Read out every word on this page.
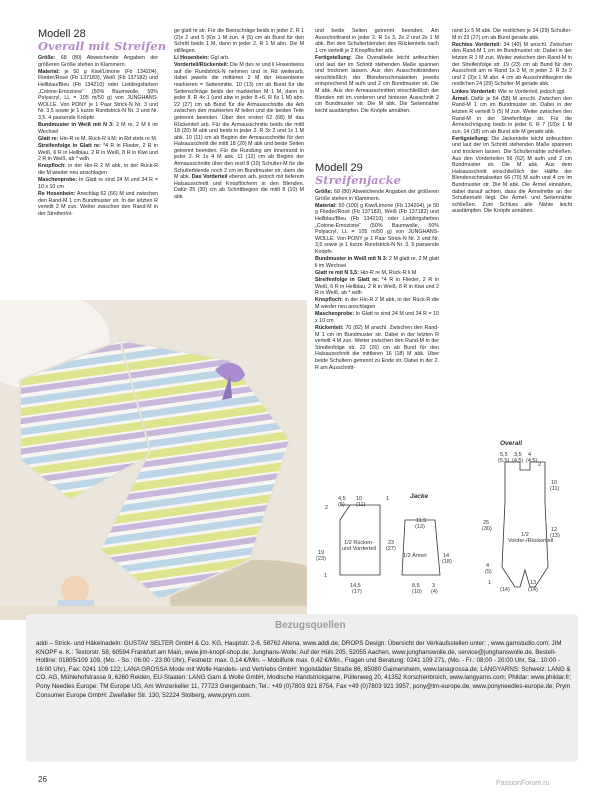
Modell 28
Overall mit Streifen

Größe: 68 (80) Abweichende Angaben der größeren Größe stehen in Klammern.

Material: je 50 g Kiwi/Limone (Fb 134204), Flieder/Rosé (Fb 137183), Weiß (Fb 137182) und Hellblau/Bleu (Fb 134210) oder Lieblingsfarben „Cotone-Emozione“ (50% Baumwolle, 50% Polyacryl, LL = 105 m/50 g) von JUNGHANS-WOLLE. Von PONY je 1 Paar Strick-N Nr. 3 und Nr. 3,5 sowie je 1 kurze Rundstrick-N Nr. 3 und Nr. 3,5. 4 passende Knöpfe.

Bundmuster in Weiß mit N 3: 2 M re, 2 M li im Wechsel

Glatt re: Hin-R re M, Rück-R li M; in Rd stets re M.

Streifenfolge in Glatt re: *4 R in Flieder, 2 R in Weiß, 6 R in Hellblau, 2 R in Weiß, 8 R in Kiwi und 2 R in Weiß, ab * wdh

Knopfloch: in der Hin-R 2 M abk, in der Rück-R die M wieder neu anschlagen

Maschenprobe: In Glatt re sind 24 M und 34 R = 10 x 10 cm

Re Hosenbein: Anschlag 62 (66) M und zwischen den Rand-M 1 cm Bundmuster str. In der letzten R verteilt 2 M zun. Weiter zwischen den Rand-M in der Streifenfol-

ge glatt re str. Für die Beinschräge beids in jeder 2. R 1 (2)x 2 und 5 (6)x 1 M zun. 4 (5) cm ab Bund für den Schritt beids 1 M, dann in jeder 2. R 1 M abn. Die M stilllegen.

Li Hosenbein: Ggl arb.

Vorderteil/Rückenteil: Die M des re und li Hosenbeins auf die Rundstrick-N nehmen und in Rd weiterarb, dabei jeweils die mittleren 2 M der Hosenbeine markieren = Seitenmitte. 10 (13) cm ab Bund für die Seitenschräge beids der markierten M 1 M, dann in jeder 8. R 4x 1 (und abw in jeder 8.+6. R 6x 1 M) abn. 22 (27) cm ab Bund für die Armausschnitte die Arb zwischen den markierten M teilen und die beiden Teile getrennt beenden. Über den ersten 62 (68) M das Rückenteil arb. Für die Armausschnitte beids die mittl 18 (20) M abk und beids in jeder 2. R 3x 2 und 1x 1 M abk. 10 (11) cm ab Beginn der Armausschnitte für den Halsausschnitt die mittl 18 (20) M abk und beide Seiten getrennt beenden. Für die Rundung am Innenrand in jeder 2. R 1x 4 M abk. 11 (12) cm ab Beginn der Armausschnitte über den restl 8 (10) Schulter-M für die Schulterblende noch 2 cm im Bundmuster str, dann die M abk. Das Vorderteil ebenso arb, jedoch mit tieferem Halsausschnitt und Knopflöchern in den Blenden. Dafür 25 (30) cm ab Schrittbeginn die mittl 8 (10) M abk

und beide Seiten getrennt beenden. Am Ausschnittrand in jeder 2. R 1x 3, 2x 2 und 2x 1 M abk. Bei den Schulterblenden des Rückenteils nach 1 cm verteilt je 2 Knopflöcher arb.

Fertigstellung: Die Overallteile leicht anfeuchten und laut der im Schnitt stehenden Maße spannen und trocknen lassen. Aus den Ausschnitträndern einschließlich der Blendenschmalseiten jeweils entsprechend M aufn und 2 cm Bundmuster str. Die M abk. Aus den Armausschnitten einschließlich der Blenden mit im vorderen und hinteren Ausschnitt 2 cm Bundmuster str. Die M abk. Die Seitennähte leicht ausdämpfen. Die Knöpfe annähen.

Modell 29
Streifenjacke

Größe: 68 (80) Abweichende Angaben der größeren Größe stehen in Klammern.

Material: 50 (100) g Kiwi/Limone (Fb 134204), je 50 g Flieder/Rosé (Fb 137183), Weiß (Fb 137182) und Hellblau/Bleu (Fb 134210) oder Lieblingsfarben „Cotone-Emozione“ (50% Baumwolle, 50% Polyacryl, LL = 105 m/50 g) von JUNGHANS-WOLLE. Von PONY je 1 Paar Strick-N Nr. 3 und Nr. 3,5 sowie je 1 kurze Rundstrick-N Nr. 3. 5 passende Knöpfe.

Bundmuster in Weiß mit N 3: 2 M glatt re, 2 M glatt li im Wechsel

Glatt re mit N 3,5: Hin-R re M, Rück-R li M

Streifenfolge in Glatt re: *4 R in Flieder, 2 R in Weiß, 6 R in Hellblau, 2 R in Weiß, 8 R in Kiwi und 2 R in Weiß, ab * wdh

Knopfloch: in der Hin-R 2 M abk, in der Rück-R die M wieder neu anschlagen

Maschenprobe: In Glatt re sind 24 M und 34 R = 10 x 10 cm

Rückenteil: 70 (82) M anschl. Zwischen den Rand-M 1 cm im Bundmuster str. Dabei in der letzten R verteilt 4 M zun. Weiter zwischen den Rand-M in der Streifenfolge str. 22 (26) cm ab Bund für den Halsausschnitt die mittleren 16 (18) M abk. Über beide Schultern getrennt zu Ende str. Dabei in der 2. R am Ausschnitt-

rand 1x 5 M abk. Die restlichen je 24 (29) Schulter-M in 23 (27) cm ab Bund gerade abk.

Rechtes Vorderteil: 34 (40) M anschl. Zwischen den Rand-M 1 cm im Bundmuster str. Dabei in der letzten R 1 M zun. Weiter zwischen den Rand-M in der Streifenfolge str. 19 (23) cm ab Bund für den Ausschnitt am re Rand 1x 3 M, in jeder 2. R 3x 2 und 2 (3)x 1 M abn. 4 cm ab Ausschnittbeginn die restlichen 24 (29) Schulter-M gerade abk.

Linkes Vorderteil: Wie re Vorderteil, jedoch ggl.

Ärmel: Dafür je 54 (58) M anschl. Zwischen den Rand-M 1 cm im Bundmuster str. Dabei in der letzten R verteilt 5 (5) M zun. Weiter zwischen den Rand-M in der Streifenfolge str. Für die Ärmelschrägung beids in jeder 6. R 7 (10)x 1 M zun. 14 (18) cm ab Bund alle M gerade abk.

Fertigstellung: Die Jackenteile leicht anfeuchten und laut der im Schnitt stehenden Maße spannen und trocknen lassen. Die Schulternähte schließen. Aus den Vorderteilen 56 (62) M aufn und 2 cm Bundmuster str. Die M abk. Aus dem Halsausschnitt einschließlich der Hälfte der Blendenschmalseiten 66 (70) M aufn und 4 cm im Bundmuster str. Die M abk. Die Ärmel einnähen, dabei darauf achten, dass die Ärmelmitte an der Schulternaht liegt. Die Ärmel- und Seitennähte schließen. Zum Schluss alle Nähte leicht ausdämpfen. Die Knöpfe annähen.

Jacke
1/2 Rücken- und Vorderteil
1/2 Ärmel
4,5
(5)
10
(11)
23
(27)
19
(23)
1
14,5
(17)
11,5
(13)
14
(18)
8,5
(10)
3
(4)
2
1
Overall
1/2 Vorder-/Rückenteil
5,5
(5,5)
3,5 4
(4,5) (4,5)
2
10
(11)
25
(30)	12
(13)
4
(5)
1	13
(14)
(14)
Bezugsquellen
addi – Strick- und Häkelnadeln: GUSTAV SELTER GmbH & Co. KG, Hauptstr. 2-6, 58762 Altena, www.addi.de; DROPS Design: Übersicht der Verkaufsstellen unter: , www.garnstudio.com; JIM KNOPF e. K.: Textorstr. 58, 60594 Frankfurt am Main, www.jim-knopf-shop.de; Junghans-Wolle: Auf der Hüls 205, 52055 Aachen, www.junghanswolle.de, service@junghanswolle.de, Bestell-Hotline: 01805/109 109, (Mo. - So.: 06:00 - 23:00 Uhr), Festnetz: max. 0,14 €/Min. – Mobilfunk max. 0,42 €/Min., Fragen und Beratung: 0241 109 271, (Mo. - Fr.: 08:00 - 20:00 Uhr, Sa.: 10:00 - 16:00 Uhr), Fax: 0241 109 122; LANA GROSSA Mode mit Wolle Handels- und Vertriebs GmbH: Ingolstädter Straße 86, 85080 Gaimersheim, www.lanagrossa.de; LANGYARNS: Schweiz: LANG & CO. AG, Mühlehofstrasse 9, 6260 Reiden, EU-Staaten: LANG Garn & Wolle GmbH, Modische Handstrickgarne, Püllenweg 20, 41352 Korschenbroich, www.langyarns.com; Phildar: www.phildar.fr; Pony Needles Europe: TM Europe UG, Am Winzerkeller 11, 77723 Gengenbach, Tel.: +49 (0)7803 921 8754, Fax +49 (0)7803 921 3957, pony@tm-europe.de, www.ponyneedles-europe.de; Prym Consumer Europe GmbH: Zweifaller Str. 130, 52224 Stolberg, www.prym.com.
26	PassionForum.ru
